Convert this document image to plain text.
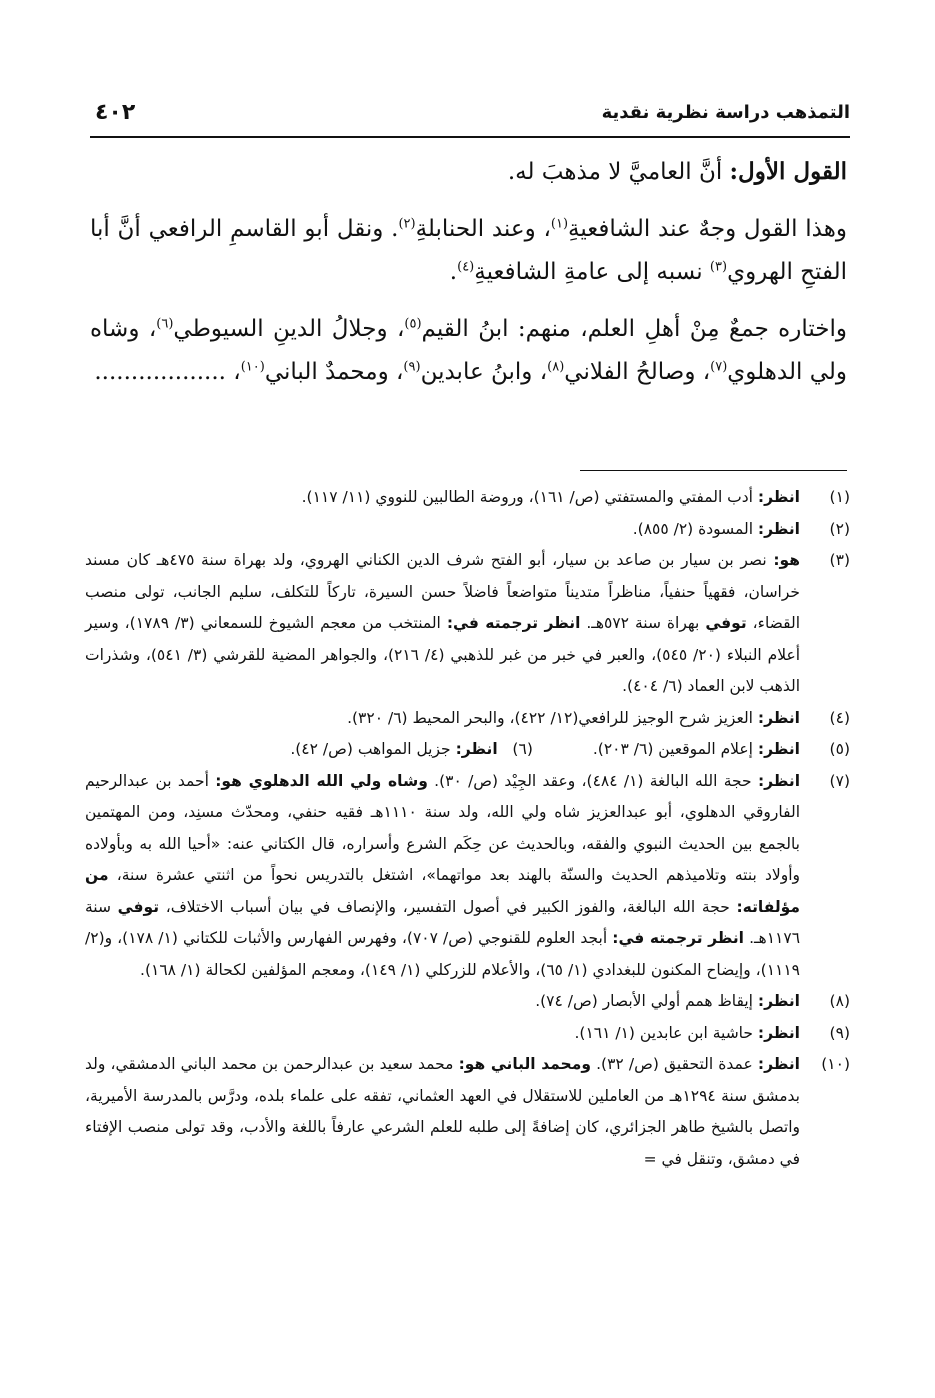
التمذهب دراسة نظرية نقدية
٤٠٢

القول الأول: أنَّ العاميَّ لا مذهبَ له.

وهذا القول وجهٌ عند الشافعيةِ$^{(١)}$، وعند الحنابلةِ$^{(٢)}$. ونقل أبو القاسمِ الرافعي أنَّ أبا الفتحِ الهروي$^{(٣)}$ نسبه إلى عامةِ الشافعيةِ$^{(٤)}$.

واختاره جمعٌ مِنْ أهلِ العلم، منهم: ابنُ القيم$^{(٥)}$، وجلالُ الدينِ السيوطي$^{(٦)}$، وشاه ولي الدهلوي$^{(٧)}$، وصالحُ الفلاني$^{(٨)}$، وابنُ عابدين$^{(٩)}$، ومحمدٌ الباني$^{(١٠)}$، ..................

(١)
انظر: أدب المفتي والمستفتي (ص/ ١٦١)، وروضة الطالبين للنووي (١١/ ١١٧).
(٢)
انظر: المسودة (٢/ ٨٥٥).
(٣)
هو: نصر بن سيار بن صاعد بن سيار، أبو الفتح شرف الدين الكناني الهروي، ولد بهراة سنة ٤٧٥هـ كان مسند خراسان، فقهياً حنفياً، مناظراً متديناً متواضعاً فاضلاً حسن السيرة، تاركاً للتكلف، سليم الجانب، تولى منصب القضاء، توفي بهراة سنة ٥٧٢هـ. انظر ترجمته في: المنتخب من معجم الشيوخ للسمعاني (٣/ ١٧٨٩)، وسير أعلام النبلاء (٢٠/ ٥٤٥)، والعبر في خبر من غبر للذهبي (٤/ ٢١٦)، والجواهر المضية للقرشي (٣/ ٥٤١)، وشذرات الذهب لابن العماد (٦/ ٤٠٤).
(٤)
انظر: العزيز شرح الوجيز للرافعي(١٢/ ٤٢٢)، والبحر المحيط (٦/ ٣٢٠).
(٥)
انظر: إعلام الموقعين (٦/ ٢٠٣).
(٦)   انظر: جزيل المواهب (ص/ ٤٢).
(٧)
انظر: حجة الله البالغة (١/ ٤٨٤)، وعقد الجِيْد (ص/ ٣٠). وشاه ولي الله الدهلوي هو: أحمد بن عبدالرحيم الفاروقي الدهلوي، أبو عبدالعزيز شاه ولي الله، ولد سنة ١١١٠هـ فقيه حنفي، ومحدّث مسنِد، ومن المهتمين بالجمع بين الحديث النبوي والفقه، وبالحديث عن حِكَم الشرع وأسراره، قال الكتاني عنه: «أحيا الله به وبأولاده وأولاد بنته وتلاميذهم الحديث والسنّة بالهند بعد مواتهما»، اشتغل بالتدريس نحواً من اثنتي عشرة سنة، من مؤلفاته: حجة الله البالغة، والفوز الكبير في أصول التفسير، والإنصاف في بيان أسباب الاختلاف، توفي سنة ١١٧٦هـ. انظر ترجمته في: أبجد العلوم للقنوجي (ص/ ٧٠٧)، وفهرس الفهارس والأثبات للكتاني (١/ ١٧٨)، و(٢/ ١١١٩)، وإيضاح المكنون للبغدادي (١/ ٦٥)، والأعلام للزركلي (١/ ١٤٩)، ومعجم المؤلفين لكحالة (١/ ١٦٨).
(٨)
انظر: إيقاظ همم أولي الأبصار (ص/ ٧٤).
(٩)
انظر: حاشية ابن عابدين (١/ ١٦١).
(١٠)
انظر: عمدة التحقيق (ص/ ٣٢). ومحمد الباني هو: محمد سعيد بن عبدالرحمن بن محمد الباني الدمشقي، ولد بدمشق سنة ١٢٩٤هـ من العاملين للاستقلال في العهد العثماني، تفقه على علماء بلده، ودرَّس بالمدرسة الأميرية، واتصل بالشيخ طاهر الجزائري، كان إضافةً إلى طلبه للعلم الشرعي عارفاً باللغة والأدب، وقد تولى منصب الإفتاء في دمشق، وتنقل في =
